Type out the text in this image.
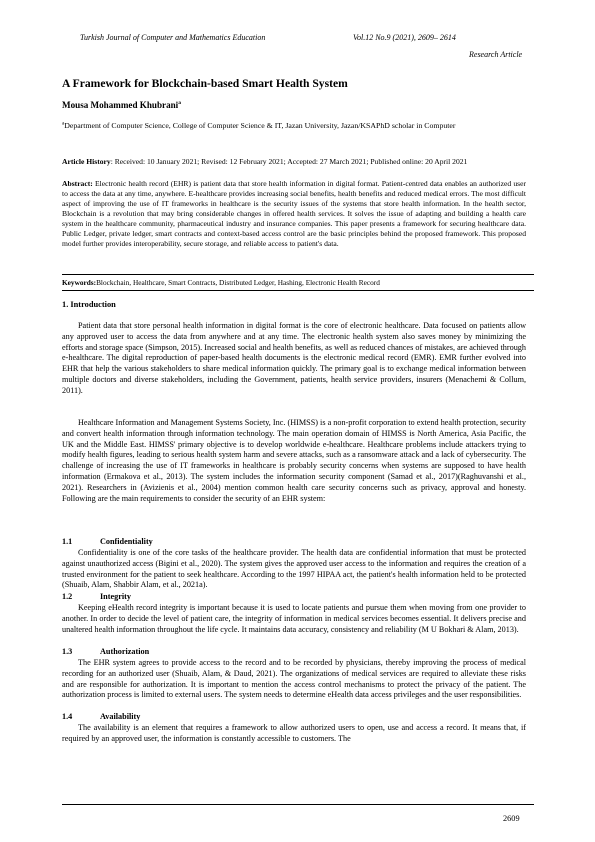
Turkish Journal of Computer and Mathematics Education	Vol.12 No.9 (2021), 2609– 2614
Research Article
A Framework for Blockchain-based Smart Health System
Mousa Mohammed Khubrani$^a$
$^a$Department of Computer Science, College of Computer Science & IT, Jazan University, Jazan/KSAPhD scholar in Computer
Article History: Received: 10 January 2021; Revised: 12 February 2021; Accepted: 27 March 2021; Published online: 20 April 2021
Abstract: Electronic health record (EHR) is patient data that store health information in digital format. Patient-centred data enables an authorized user to access the data at any time, anywhere. E-healthcare provides increasing social benefits, health benefits and reduced medical errors. The most difficult aspect of improving the use of IT frameworks in healthcare is the security issues of the systems that store health information. In the health sector, Blockchain is a revolution that may bring considerable changes in offered health services. It solves the issue of adapting and building a health care system in the healthcare community, pharmaceutical industry and insurance companies. This paper presents a framework for securing healthcare data. Public Ledger, private ledger, smart contracts and context-based access control are the basic principles behind the proposed framework. This proposed model further provides interoperability, secure storage, and reliable access to patient's data.
Keywords:Blockchain, Healthcare, Smart Contracts, Distributed Ledger, Hashing, Electronic Health Record
1. Introduction

Patient data that store personal health information in digital format is the core of electronic healthcare. Data focused on patients allow any approved user to access the data from anywhere and at any time. The electronic health system also saves money by minimizing the efforts and storage space (Simpson, 2015). Increased social and health benefits, as well as reduced chances of mistakes, are achieved through e-healthcare. The digital reproduction of paper-based health documents is the electronic medical record (EMR). EMR further evolved into EHR that help the various stakeholders to share medical information quickly. The primary goal is to exchange medical information between multiple doctors and diverse stakeholders, including the Government, patients, health service providers, insurers (Menachemi & Collum, 2011).

Healthcare Information and Management Systems Society, Inc. (HIMSS) is a non-profit corporation to extend health protection, security and convert health information through information technology. The main operation domain of HIMSS is North America, Asia Pacific, the UK and the Middle East. HIMSS' primary objective is to develop worldwide e-healthcare. Healthcare problems include attackers trying to modify health figures, leading to serious health system harm and severe attacks, such as a ransomware attack and a lack of cybersecurity. The challenge of increasing the use of IT frameworks in healthcare is probably security concerns when systems are supposed to have health information (Ermakova et al., 2013). The system includes the information security component (Samad et al., 2017)(Raghuvanshi et al., 2021). Researchers in (Avizienis et al., 2004) mention common health care security concerns such as privacy, approval and honesty. Following are the main requirements to consider the security of an EHR system:

1.1	Confidentiality

Confidentiality is one of the core tasks of the healthcare provider. The health data are confidential information that must be protected against unauthorized access (Bigini et al., 2020). The system gives the approved user access to the information and requires the creation of a trusted environment for the patient to seek healthcare. According to the 1997 HIPAA act, the patient's health information held to be protected (Shuaib, Alam, Shabbir Alam, et al., 2021a).

1.2	Integrity

Keeping eHealth record integrity is important because it is used to locate patients and pursue them when moving from one provider to another. In order to decide the level of patient care, the integrity of information in medical services becomes essential. It delivers precise and unaltered health information throughout the life cycle. It maintains data accuracy, consistency and reliability (M U Bokhari & Alam, 2013).

1.3	Authorization

The EHR system agrees to provide access to the record and to be recorded by physicians, thereby improving the process of medical recording for an authorized user (Shuaib, Alam, & Daud, 2021). The organizations of medical services are required to alleviate these risks and are responsible for authorization. It is important to mention the access control mechanisms to protect the privacy of the patient. The authorization process is limited to external users. The system needs to determine eHealth data access privileges and the user responsibilities.

1.4	Availability

The availability is an element that requires a framework to allow authorized users to open, use and access a record. It means that, if required by an approved user, the information is constantly accessible to customers. The

2609
